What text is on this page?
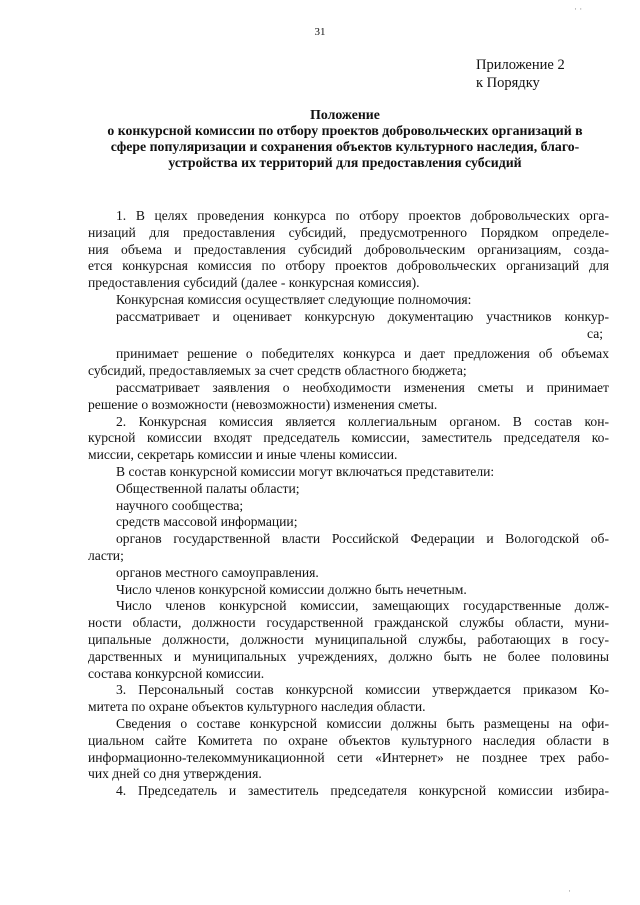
31
Приложение 2
к Порядку
Положение
о конкурсной комиссии по отбору проектов добровольческих организаций в
сфере популяризации и сохранения объектов культурного наследия, благо-
устройства их территорий для предоставления субсидий
1. В целях проведения конкурса по отбору проектов добровольческих орга-
низаций для предоставления субсидий, предусмотренного Порядком определе-
ния объема и предоставления субсидий добровольческим организациям, созда-
ется конкурсная комиссия по отбору проектов добровольческих организаций для
предоставления субсидий (далее - конкурсная комиссия).
Конкурсная комиссия осуществляет следующие полномочия:
рассматривает и оценивает конкурсную документацию участников конкур-
са;
принимает решение о победителях конкурса и дает предложения об объемах
субсидий, предоставляемых за счет средств областного бюджета;
рассматривает заявления о необходимости изменения сметы и принимает
решение о возможности (невозможности) изменения сметы.
2. Конкурсная комиссия является коллегиальным органом. В состав кон-
курсной комиссии входят председатель комиссии, заместитель председателя ко-
миссии, секретарь комиссии и иные члены комиссии.
В состав конкурсной комиссии могут включаться представители:
Общественной палаты области;
научного сообщества;
средств массовой информации;
органов государственной власти Российской Федерации и Вологодской об-
ласти;
органов местного самоуправления.
Число членов конкурсной комиссии должно быть нечетным.
Число членов конкурсной комиссии, замещающих государственные долж-
ности области, должности государственной гражданской службы области, муни-
ципальные должности, должности муниципальной службы, работающих в госу-
дарственных и муниципальных учреждениях, должно быть не более половины
состава конкурсной комиссии.
3. Персональный состав конкурсной комиссии утверждается приказом Ко-
митета по охране объектов культурного наследия области.
Сведения о составе конкурсной комиссии должны быть размещены на офи-
циальном сайте Комитета по охране объектов культурного наследия области в
информационно-телекоммуникационной сети «Интернет» не позднее трех рабо-
чих дней со дня утверждения.
4. Председатель и заместитель председателя конкурсной комиссии избира-
· ·
·
